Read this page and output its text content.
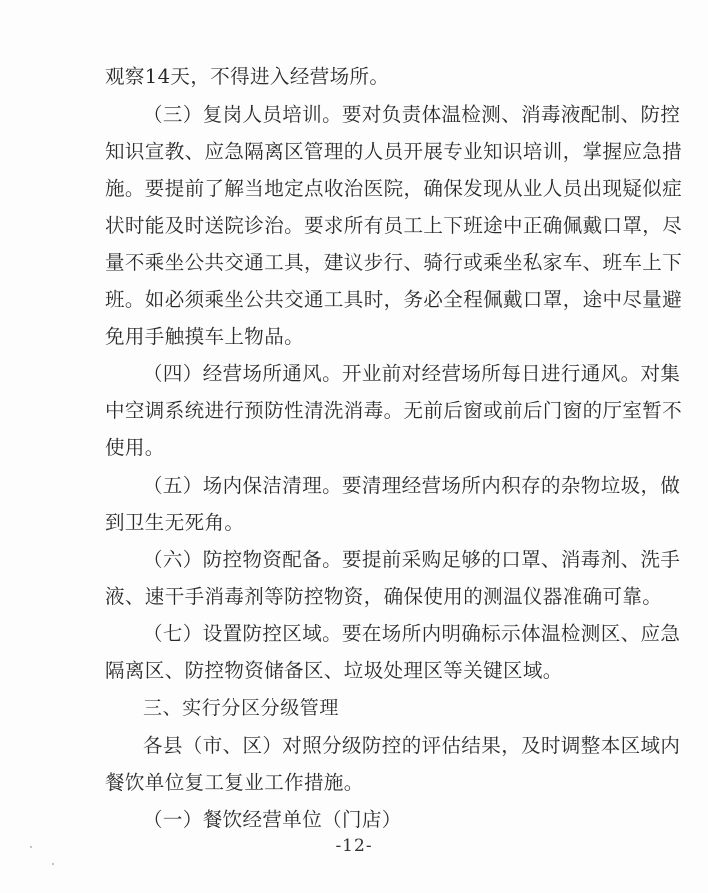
观察14天，不得进入经营场所。
（三）复岗人员培训。要对负责体温检测、消毒液配制、防控
知识宣教、应急隔离区管理的人员开展专业知识培训，掌握应急措
施。要提前了解当地定点收治医院，确保发现从业人员出现疑似症
状时能及时送院诊治。要求所有员工上下班途中正确佩戴口罩，尽
量不乘坐公共交通工具，建议步行、骑行或乘坐私家车、班车上下
班。如必须乘坐公共交通工具时，务必全程佩戴口罩，途中尽量避
免用手触摸车上物品。
（四）经营场所通风。开业前对经营场所每日进行通风。对集
中空调系统进行预防性清洗消毒。无前后窗或前后门窗的厅室暂不
使用。
（五）场内保洁清理。要清理经营场所内积存的杂物垃圾，做
到卫生无死角。
（六）防控物资配备。要提前采购足够的口罩、消毒剂、洗手
液、速干手消毒剂等防控物资，确保使用的测温仪器准确可靠。
（七）设置防控区域。要在场所内明确标示体温检测区、应急
隔离区、防控物资储备区、垃圾处理区等关键区域。
三、实行分区分级管理
各县（市、区）对照分级防控的评估结果，及时调整本区域内
餐饮单位复工复业工作措施。
（一）餐饮经营单位（门店）
-12-
